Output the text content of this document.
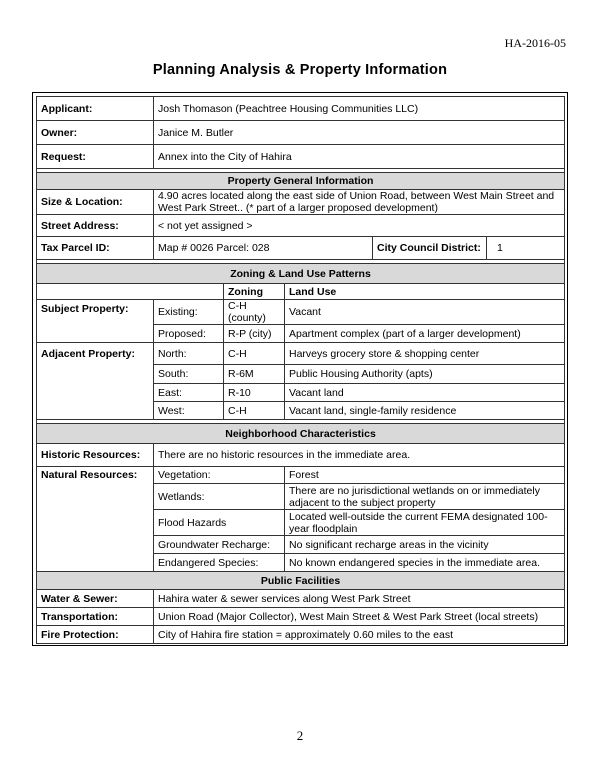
HA-2016-05
Planning Analysis & Property Information
Applicant:	Josh Thomason (Peachtree Housing Communities LLC)				
Owner:	Janice M. Butler				
Request:	Annex into the City of Hahira				

Property General Information					
Size & Location:	4.90 acres located along the east side of Union Road, between West Main Street and West Park Street.. (* part of a larger proposed development)				
Street Address:	< not yet assigned >				
Tax Parcel ID:	Map # 0026 Parcel: 028			City Council District:	1

Zoning & Land Use Patterns					
		Zoning	Land Use		
Subject Property:	Existing:	C-H (county)	Vacant		
	Proposed:	R-P (city)	Apartment complex (part of a larger development)		
Adjacent Property:	North:	C-H	Harveys grocery store & shopping center		
	South:	R-6M	Public Housing Authority (apts)		
	East:	R-10	Vacant land		
	West:	C-H	Vacant land, single-family residence		

Neighborhood Characteristics					
Historic Resources:	There are no historic resources in the immediate area.				
Natural Resources:	Vegetation:		Forest		
	Wetlands:		There are no jurisdictional wetlands on or immediately adjacent to the subject property		
	Flood Hazards		Located well-outside the current FEMA designated 100-year floodplain		
	Groundwater Recharge:		No significant recharge areas in the vicinity		
	Endangered Species:		No known endangered species in the immediate area.		
Public Facilities					
Water & Sewer:	Hahira water & sewer services along West Park Street				
Transportation:	Union Road (Major Collector), West Main Street & West Park Street (local streets)				
Fire Protection:	City of Hahira fire station = approximately 0.60 miles to the east				
2
